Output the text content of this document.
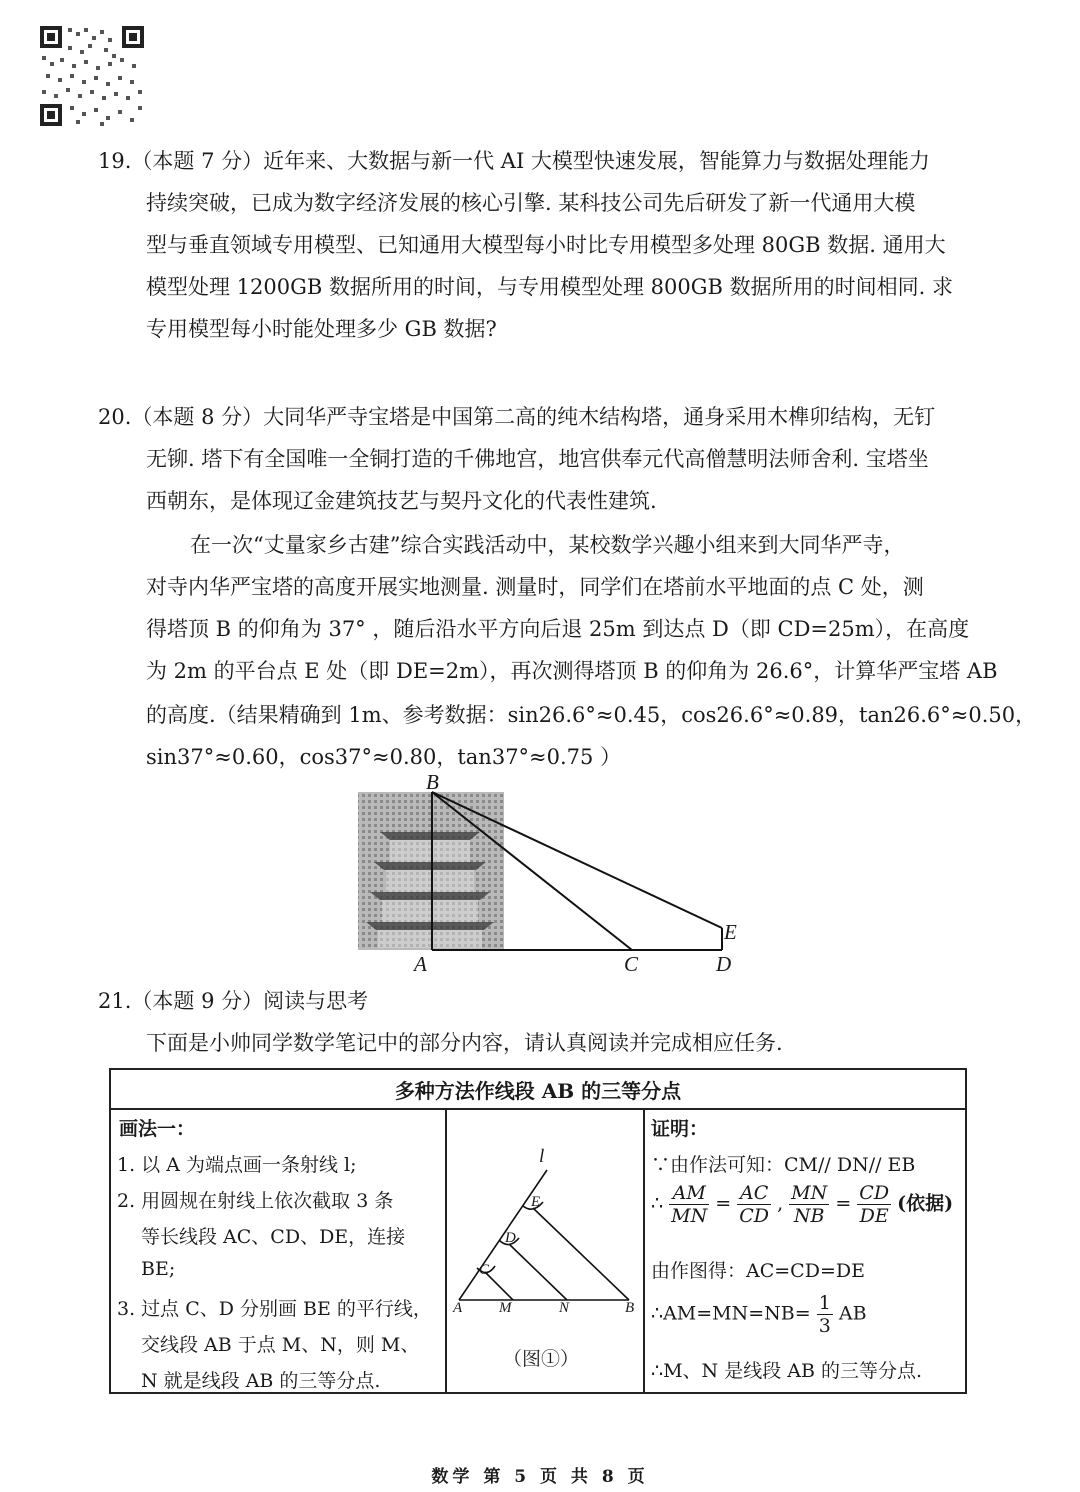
19.（本题 7 分）近年来、大数据与新一代 AI 大模型快速发展，智能算力与数据处理能力
持续突破，已成为数字经济发展的核心引擎. 某科技公司先后研发了新一代通用大模
型与垂直领域专用模型、已知通用大模型每小时比专用模型多处理 80GB 数据. 通用大
模型处理 1200GB 数据所用的时间，与专用模型处理 800GB 数据所用的时间相同. 求
专用模型每小时能处理多少 GB 数据?
20.（本题 8 分）大同华严寺宝塔是中国第二高的纯木结构塔，通身采用木榫卯结构，无钉
无铆. 塔下有全国唯一全铜打造的千佛地宫，地宫供奉元代高僧慧明法师舍利. 宝塔坐
西朝东，是体现辽金建筑技艺与契丹文化的代表性建筑.
在一次“丈量家乡古建”综合实践活动中，某校数学兴趣小组来到大同华严寺，
对寺内华严宝塔的高度开展实地测量. 测量时，同学们在塔前水平地面的点 C 处，测
得塔顶 B 的仰角为 37° ，随后沿水平方向后退 25m 到达点 D（即 CD=25m），在高度
为 2m 的平台点 E 处（即 DE=2m），再次测得塔顶 B 的仰角为 26.6°，计算华严宝塔 AB
的高度.（结果精确到 1m、参考数据：sin26.6°≈0.45，cos26.6°≈0.89，tan26.6°≈0.50，
sin37°≈0.60，cos37°≈0.80，tan37°≈0.75 ）
B
A	C	D
E
21.（本题 9 分）阅读与思考
下面是小帅同学数学笔记中的部分内容，请认真阅读并完成相应任务.
多种方法作线段 AB 的三等分点

画法一：
1. 以 A 为端点画一条射线 l;
2. 用圆规在射线上依次截取 3 条
等长线段 AC、CD、DE，连接
BE;
3. 过点 C、D 分别画 BE 的平行线，
交线段 AB 于点 M、N，则 M、
N 就是线段 AB 的三等分点.

l
E
D
C
A M	N	B
（图①）

证明：
∵由作法可知：CM// DN// EB
∴ $\frac{AM}{MN} = \frac{AC}{CD}$ , $\frac{MN}{NB} = \frac{CD}{DE}$ (依据)
由作图得：AC=CD=DE
∴AM=MN=NB= $\frac{1}{3}$ AB
∴M、N 是线段 AB 的三等分点.
数学 第 5 页 共 8 页
